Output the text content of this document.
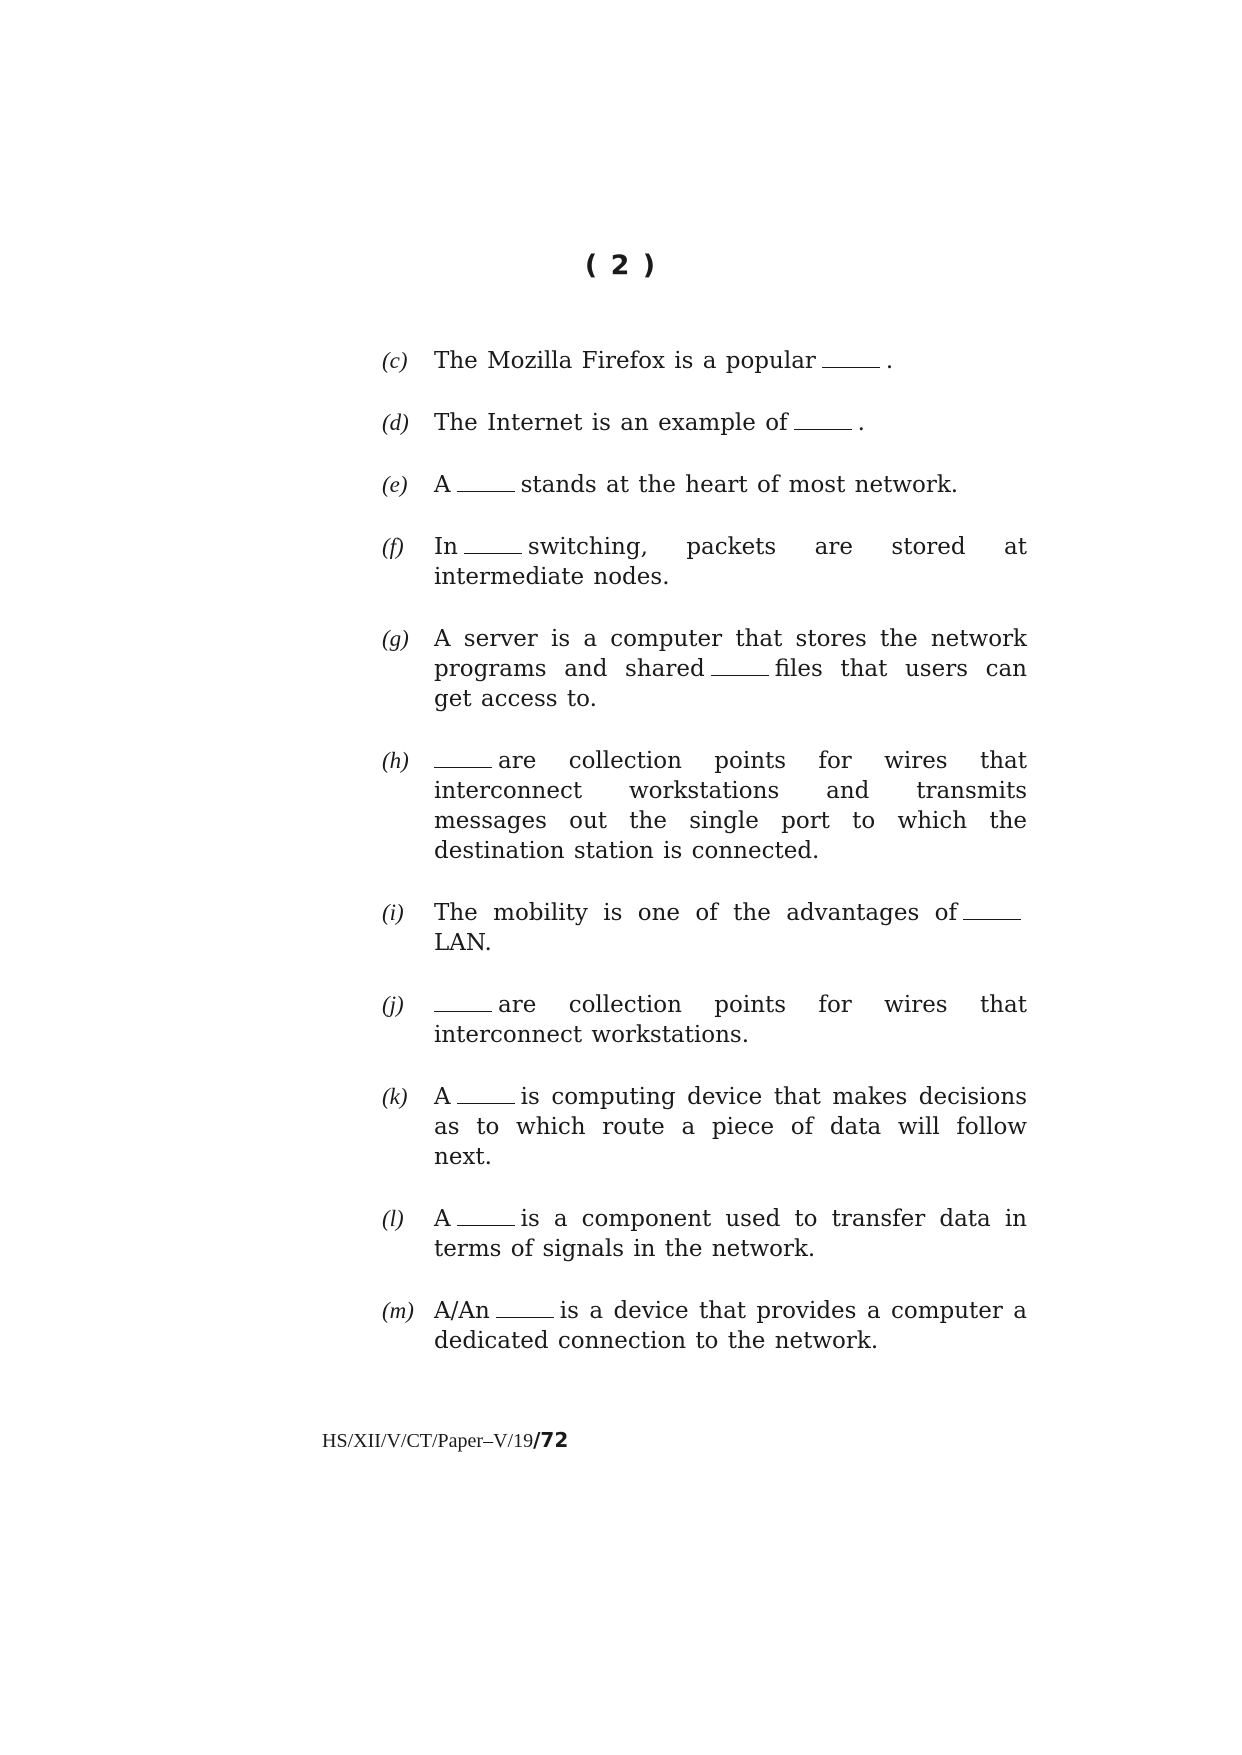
( 2 )
(c)	The Mozilla Firefox is a popular	.
(d)	The Internet is an example of	.
(e)	A	stands at the heart of most network.
(f)	In	switching, packets are stored at intermediate nodes.
(g)	A server is a computer that stores the network programs and shared	files that users can get access to.
(h)	are collection points for wires that interconnect workstations and transmits messages out the single port to which the destination station is connected.
(i)	The mobility is one of the advantages ofLAN.
(j)	are collection points for wires that interconnect workstations.
(k)	A	is computing device that makes decisions as to which route a piece of data will follow next.
(l)	A	is a component used to transfer data in terms of signals in the network.
(m) A/An	is a device that provides a computer a dedicated connection to the network.
HS/XII/V/CT/Paper–V/19/72
